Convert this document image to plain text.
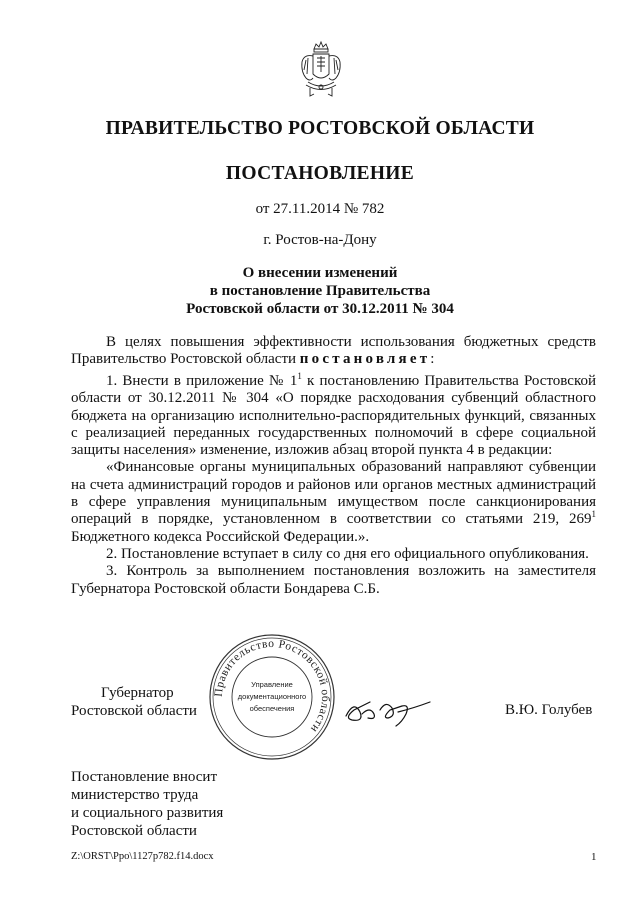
ПРАВИТЕЛЬСТВО РОСТОВСКОЙ ОБЛАСТИ
ПОСТАНОВЛЕНИЕ
от 27.11.2014 № 782
г. Ростов-на-Дону
О внесении изменений
в постановление Правительства
Ростовской области от 30.12.2011 № 304

В целях повышения эффективности использования бюджетных средств Правительство Ростовской области постановляет:

1. Внести в приложение № $1^1$ к постановлению Правительства Ростовской области от 30.12.2011 № 304 «О порядке расходования субвенций областного бюджета на организацию исполнительно-распорядительных функций, связанных с реализацией переданных государственных полномочий в сфере социальной защиты населения» изменение, изложив абзац второй пункта 4 в редакции:

«Финансовые органы муниципальных образований направляют субвенции на счета администраций городов и районов или органов местных администраций в сфере управления муниципальным имуществом после санкционирования операций в порядке, установленном в соответствии со статьями 219, $269^1$ Бюджетного кодекса Российской Федерации.».

2. Постановление вступает в силу со дня его официального опубликования.

3. Контроль за выполнением постановления возложить на заместителя Губернатора Ростовской области Бондарева С.Б.

Губернатор
Ростовской области
Правительство Ростовской области
Управление
документационного
обеспечения	В.Ю. Голубев
Постановление вносит
министерство труда
и социального развития
Ростовской области
Z:\ORST\Ppo\1127p782.f14.docx	1
